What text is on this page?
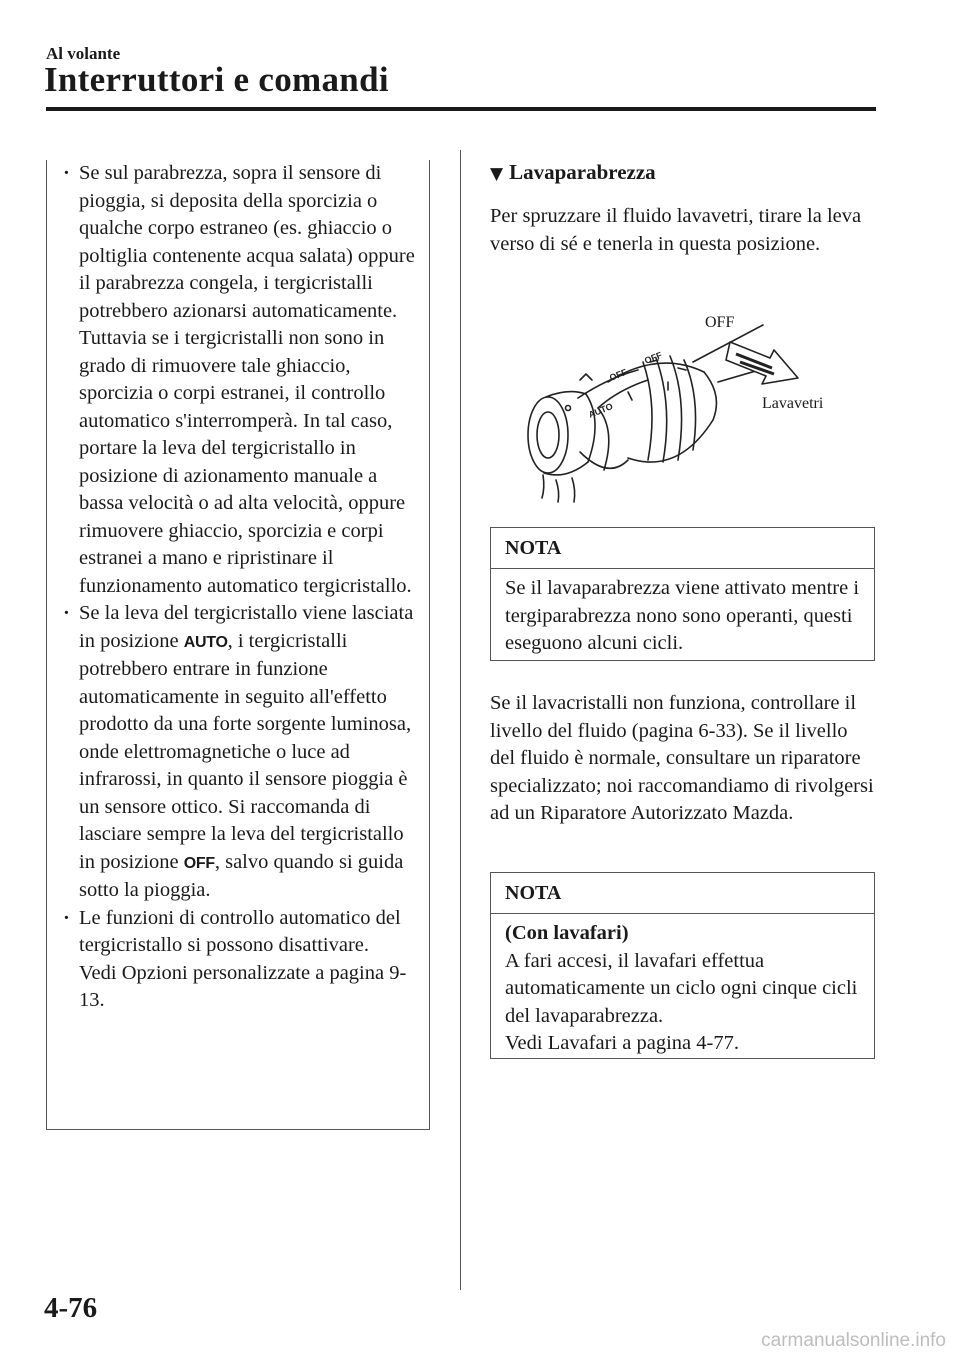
Al volante
Interruttori e comandi
· Se sul parabrezza, sopra il sensore di pioggia, si deposita della sporcizia o qualche corpo estraneo (es. ghiaccio o poltiglia contenente acqua salata) oppure il parabrezza congela, i tergicristalli potrebbero azionarsi automaticamente. Tuttavia se i tergicristalli non sono in grado di rimuovere tale ghiaccio, sporcizia o corpi estranei, il controllo automatico s'interromperà. In tal caso, portare la leva del tergicristallo in posizione di azionamento manuale a bassa velocità o ad alta velocità, oppure rimuovere ghiaccio, sporcizia e corpi estranei a mano e ripristinare il funzionamento automatico tergicristallo.
· Se la leva del tergicristallo viene lasciata in posizione AUTO, i tergicristalli potrebbero entrare in funzione automaticamente in seguito all'effetto prodotto da una forte sorgente luminosa, onde elettromagnetiche o luce ad infrarossi, in quanto il sensore pioggia è un sensore ottico. Si raccomanda di lasciare sempre la leva del tergicristallo in posizione OFF, salvo quando si guida sotto la pioggia.
· Le funzioni di controllo automatico del tergicristallo si possono disattivare.
Vedi Opzioni personalizzate a pagina 9-13.
▼ Lavaparabrezza
Per spruzzare il fluido lavavetri, tirare la leva verso di sé e tenerla in questa posizione.
OFF
AUTO
OFF
OFF
Lavavetri
NOTA
Se il lavaparabrezza viene attivato mentre i tergiparabrezza nono sono operanti, questi eseguono alcuni cicli.
Se il lavacristalli non funziona, controllare il livello del fluido (pagina 6-33). Se il livello del fluido è normale, consultare un riparatore specializzato; noi raccomandiamo di rivolgersi ad un Riparatore Autorizzato Mazda.
NOTA
(Con lavafari)
A fari accesi, il lavafari effettua automaticamente un ciclo ogni cinque cicli del lavaparabrezza.
Vedi Lavafari a pagina 4-77.
4-76
carmanualsonline.info
